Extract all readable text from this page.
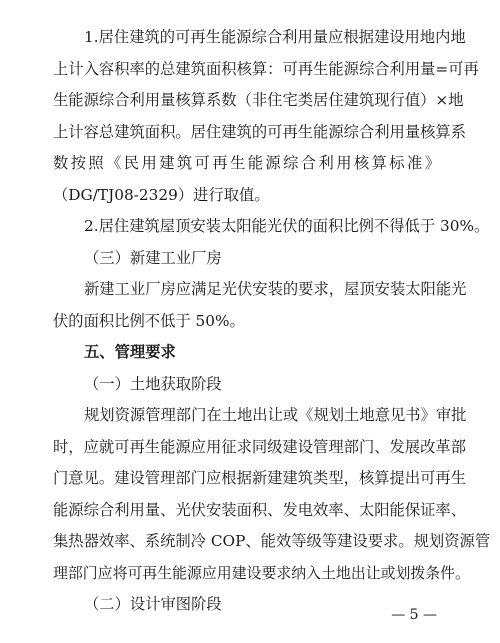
1.居住建筑的可再生能源综合利用量应根据建设用地内地
上计入容积率的总建筑面积核算：可再生能源综合利用量=可再
生能源综合利用量核算系数（非住宅类居住建筑现行值）×地
上计容总建筑面积。居住建筑的可再生能源综合利用量核算系
数按照《民用建筑可再生能源综合利用核算标准》
（DG/TJ08-2329）进行取值。
2.居住建筑屋顶安装太阳能光伏的面积比例不得低于 30%。
（三）新建工业厂房
新建工业厂房应满足光伏安装的要求，屋顶安装太阳能光
伏的面积比例不低于 50%。
五、管理要求
（一）土地获取阶段
规划资源管理部门在土地出让或《规划土地意见书》审批
时，应就可再生能源应用征求同级建设管理部门、发展改革部
门意见。建设管理部门应根据新建建筑类型，核算提出可再生
能源综合利用量、光伏安装面积、发电效率、太阳能保证率、
集热器效率、系统制冷 COP、能效等级等建设要求。规划资源管
理部门应将可再生能源应用建设要求纳入土地出让或划拨条件。
（二）设计审图阶段
— 5 —
